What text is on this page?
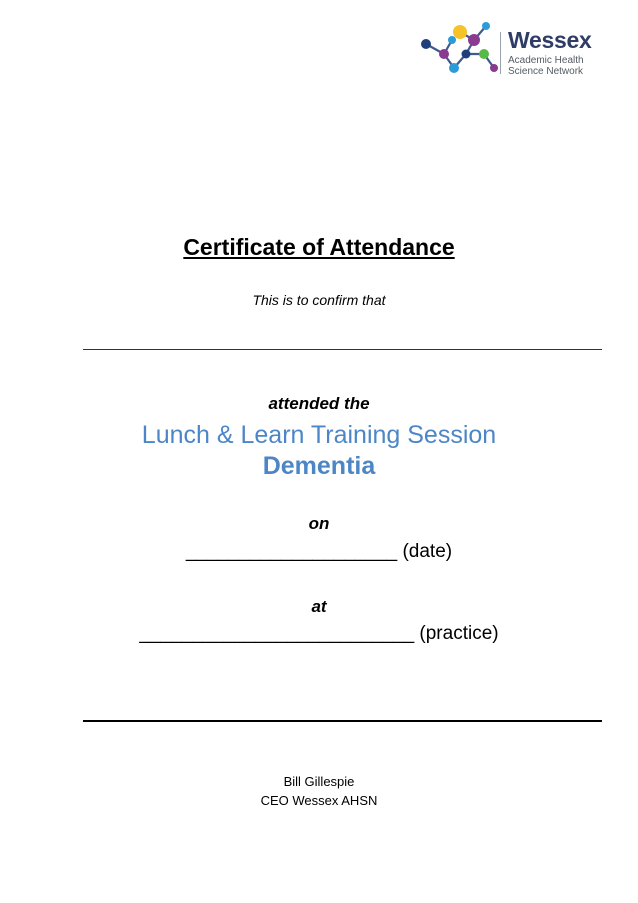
Wessex
Academic Health
Science Network
Certificate of Attendance
This is to confirm that
attended the
Lunch & Learn Training Session
Dementia
on
____________________ (date)
at
__________________________ (practice)
Bill Gillespie
CEO Wessex AHSN
